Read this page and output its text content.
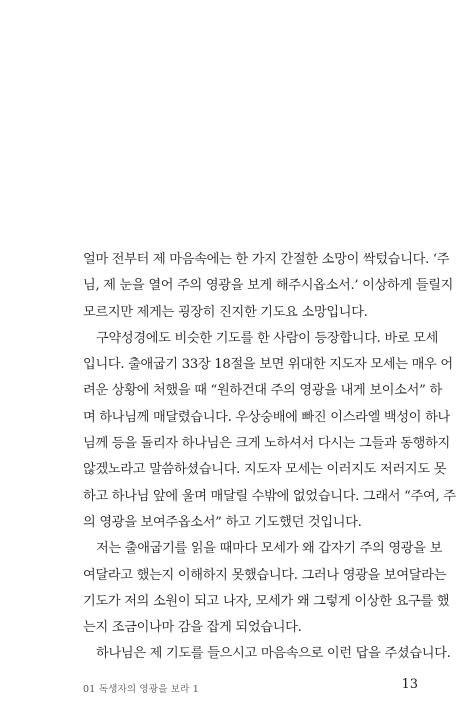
얼마 전부터 제 마음속에는 한 가지 간절한 소망이 싹텄습니다. ‘주
님, 제 눈을 열어 주의 영광을 보게 해주시옵소서.’ 이상하게 들릴지
모르지만 제게는 굉장히 진지한 기도요 소망입니다.
구약성경에도 비슷한 기도를 한 사람이 등장합니다. 바로 모세
입니다. 출애굽기 33장 18절을 보면 위대한 지도자 모세는 매우 어
려운 상황에 처했을 때 “원하건대 주의 영광을 내게 보이소서” 하
며 하나님께 매달렸습니다. 우상숭배에 빠진 이스라엘 백성이 하나
님께 등을 돌리자 하나님은 크게 노하셔서 다시는 그들과 동행하지
않겠노라고 말씀하셨습니다. 지도자 모세는 이러지도 저러지도 못
하고 하나님 앞에 울며 매달릴 수밖에 없었습니다. 그래서 “주여, 주
의 영광을 보여주옵소서” 하고 기도했던 것입니다.
저는 출애굽기를 읽을 때마다 모세가 왜 갑자기 주의 영광을 보
여달라고 했는지 이해하지 못했습니다. 그러나 영광을 보여달라는
기도가 저의 소원이 되고 나자, 모세가 왜 그렇게 이상한 요구를 했
는지 조금이나마 감을 잡게 되었습니다.
하나님은 제 기도를 들으시고 마음속으로 이런 답을 주셨습니다.
01 독생자의 영광을 보라 1	13
